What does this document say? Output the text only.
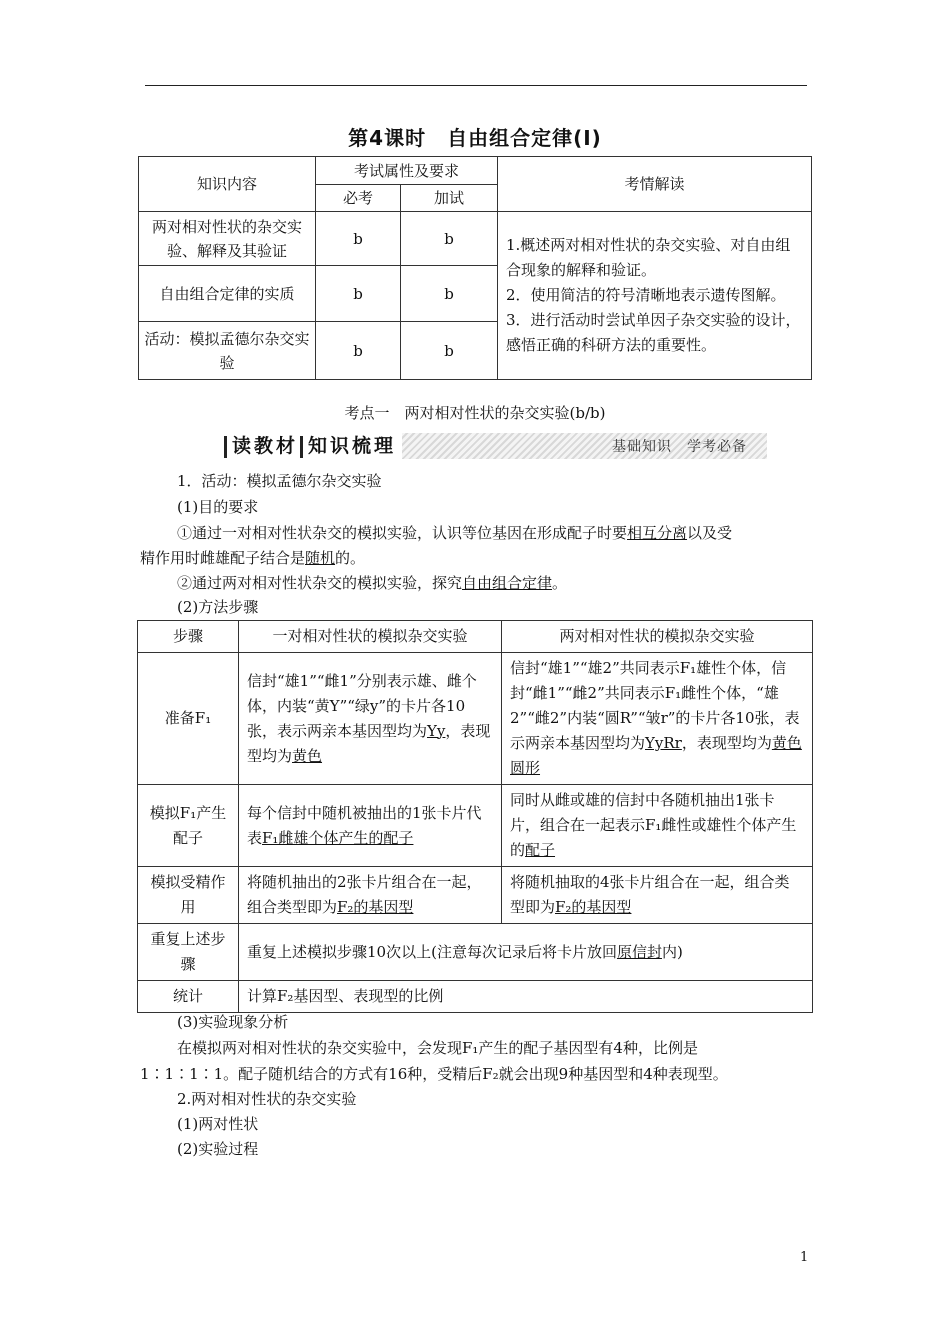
第4课时　自由组合定律(Ⅰ)
知识内容	考试属性及要求		考情解读
	必考	加试	
两对相对性状的杂交实验、解释及其验证	b	b	1.概述两对相对性状的杂交实验、对自由组合现象的解释和验证。
2．使用简洁的符号清晰地表示遗传图解。
3．进行活动时尝试单因子杂交实验的设计，感悟正确的科研方法的重要性。

自由组合定律的实质	b	b	
活动：模拟孟德尔杂交实验	b	b	
考点一　两对相对性状的杂交实验(b/b)
读教材 知识梳理	基础知识　学考必备
1．活动：模拟孟德尔杂交实验
(1)目的要求
①通过一对相对性状杂交的模拟实验，认识等位基因在形成配子时要相互分离以及受
精作用时雌雄配子结合是随机的。
②通过两对相对性状杂交的模拟实验，探究自由组合定律。
(2)方法步骤
步骤	一对相对性状的模拟杂交实验	两对相对性状的模拟杂交实验
准备F₁	信封“雄1”“雌1”分别表示雄、雌个体，内装“黄Y”“绿y”的卡片各10张，表示两亲本基因型均为Yy，表现型均为黄色	信封“雄1”“雄2”共同表示F₁雄性个体，信封“雌1”“雌2”共同表示F₁雌性个体，“雄2”“雌2”内装“圆R”“皱r”的卡片各10张，表示两亲本基因型均为YyRr，表现型均为黄色圆形
模拟F₁产生配子	每个信封中随机被抽出的1张卡片代表F₁雌雄个体产生的配子	同时从雌或雄的信封中各随机抽出1张卡片，组合在一起表示F₁雌性或雄性个体产生的配子
模拟受精作用	将随机抽出的2张卡片组合在一起，组合类型即为F₂的基因型	将随机抽取的4张卡片组合在一起，组合类型即为F₂的基因型
重复上述步骤	重复上述模拟步骤10次以上(注意每次记录后将卡片放回原信封内)	
统计	计算F₂基因型、表现型的比例	
(3)实验现象分析
在模拟两对相对性状的杂交实验中，会发现F₁产生的配子基因型有4种，比例是
1∶1∶1∶1。配子随机结合的方式有16种，受精后F₂就会出现9种基因型和4种表现型。
2.两对相对性状的杂交实验
(1)两对性状
(2)实验过程
1
